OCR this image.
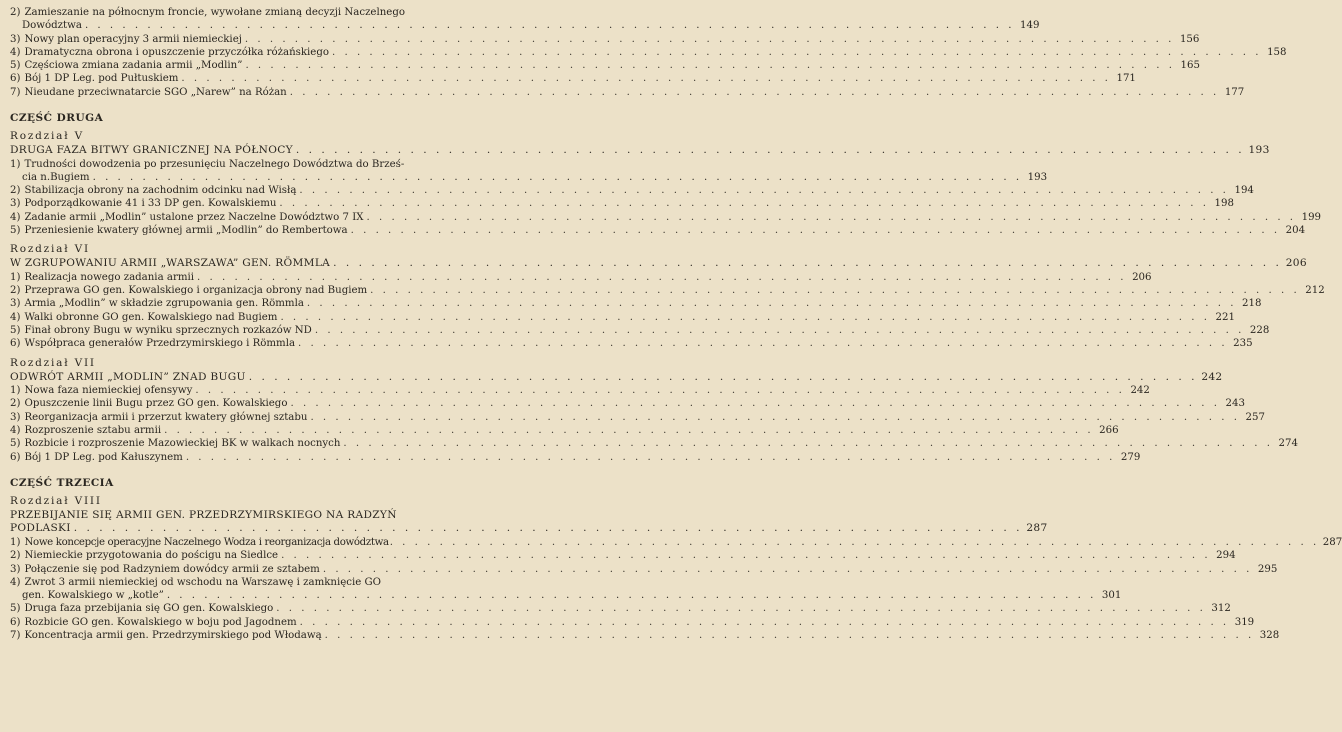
2) Zamieszanie na północnym froncie, wywołane zmianą decyzji Naczelnego
Dowództwa . . .	149
3) Nowy plan operacyjny 3 armii niemieckiej . . .	156
4) Dramatyczna obrona i opuszczenie przyczółka różańskiego . . .	158
5) Częściowa zmiana zadania armii „Modlin” . . .	165
6) Bój 1 DP Leg. pod Pułtuskiem . . .	171
7) Nieudane przeciwnatarcie SGO „Narew” na Różan . . .	177
CZĘŚĆ DRUGA
Rozdział V
DRUGA FAZA BITWY GRANICZNEJ NA PÓŁNOCY . . .	193
1) Trudności dowodzenia po przesunięciu Naczelnego Dowództwa do Brześ-
cia n.Bugiem . . .	193
2) Stabilizacja obrony na zachodnim odcinku nad Wisłą . . .	194
3) Podporządkowanie 41 i 33 DP gen. Kowalskiemu . . .	198
4) Zadanie armii „Modlin” ustalone przez Naczelne Dowództwo 7 IX . . .	199
5) Przeniesienie kwatery głównej armii „Modlin” do Rembertowa . . .	204
Rozdział VI
W ZGRUPOWANIU ARMII „WARSZAWA” GEN. RÖMMLA . . .	206
1) Realizacja nowego zadania armii . . .	206
2) Przeprawa GO gen. Kowalskiego i organizacja obrony nad Bugiem . . .	212
3) Armia „Modlin” w składzie zgrupowania gen. Römmla . . .	218
4) Walki obronne GO gen. Kowalskiego nad Bugiem . . .	221
5) Finał obrony Bugu w wyniku sprzecznych rozkazów ND . . .	228
6) Współpraca generałów Przedrzymirskiego i Römmla . . .	235
Rozdział VII
ODWRÓT ARMII „MODLIN” ZNAD BUGU . . .	242
1) Nowa faza niemieckiej ofensywy . . .	242
2) Opuszczenie linii Bugu przez GO gen. Kowalskiego . . .	243
3) Reorganizacja armii i przerzut kwatery głównej sztabu . . .	257
4) Rozproszenie sztabu armii . . .	266
5) Rozbicie i rozproszenie Mazowieckiej BK w walkach nocnych . . .	274
6) Bój 1 DP Leg. pod Kałuszynem . . .	279
CZĘŚĆ TRZECIA
Rozdział VIII
PRZEBIJANIE SIĘ ARMII GEN. PRZEDRZYMIRSKIEGO NA RADZYŃ
PODLASKI . . .	287
1) Nowe koncepcje operacyjne Naczelnego Wodza i reorganizacja dowództwa . . .	287
2) Niemieckie przygotowania do pościgu na Siedlce . . .	294
3) Połączenie się pod Radzyniem dowódcy armii ze sztabem . . .	295
4) Zwrot 3 armii niemieckiej od wschodu na Warszawę i zamknięcie GO
gen. Kowalskiego w „kotle” . . .	301
5) Druga faza przebijania się GO gen. Kowalskiego . . .	312
6) Rozbicie GO gen. Kowalskiego w boju pod Jagodnem . . .	319
7) Koncentracja armii gen. Przedrzymirskiego pod Włodawą . . .	328
